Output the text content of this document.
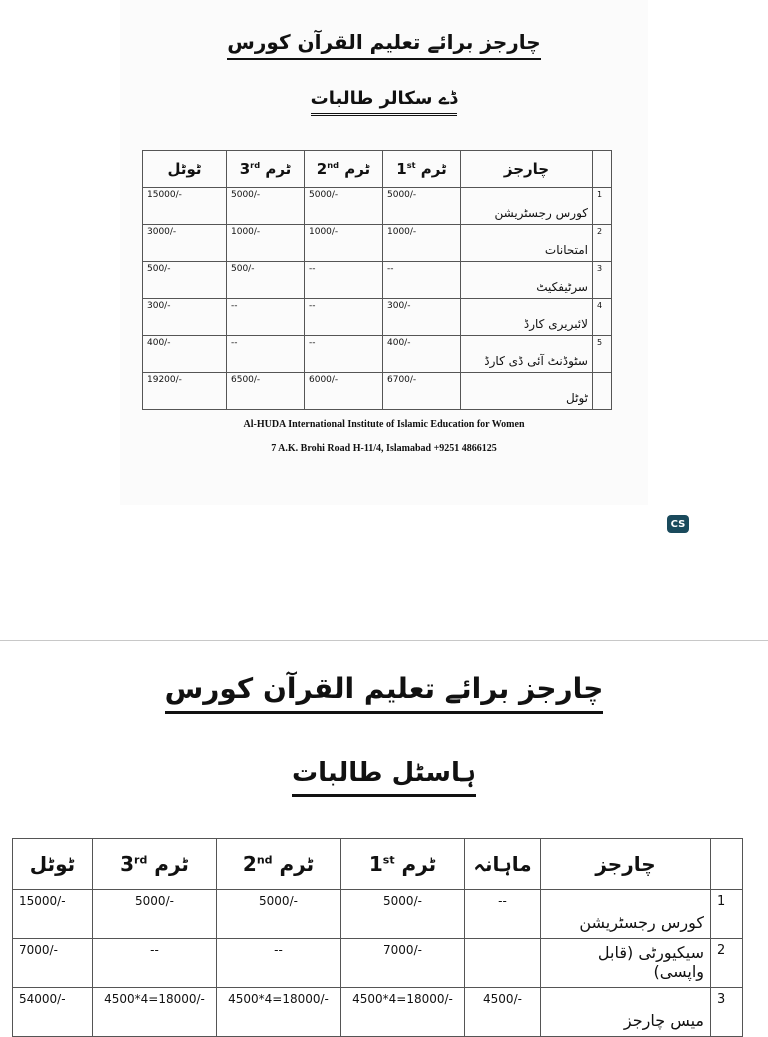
چارجز برائے تعلیم القرآن کورس
ڈے سکالر طالبات
ٹوٹل	3rd ٹرم	2nd ٹرم	1st ٹرم	چارجز	
15000/-	5000/-	5000/-	5000/-	کورس رجسٹریشن	1
3000/-	1000/-	1000/-	1000/-	امتحانات	2
500/-	500/-	--	--	سرٹیفکیٹ	3
300/-	--	--	300/-	لائبریری کارڈ	4
400/-	--	--	400/-	سٹوڈنٹ آئی ڈی کارڈ	5
19200/-	6500/-	6000/-	6700/-	ٹوٹل	
Al-HUDA International Institute of Islamic Education for Women
7 A.K. Brohi Road H-11/4, Islamabad +9251 4866125
CS
چارجز برائے تعلیم القرآن کورس
ہاسٹل طالبات
ٹوٹل	3rd ٹرم	2nd ٹرم	1st ٹرم	ماہانہ	چارجز	
15000/-	5000/-	5000/-	5000/-	--	کورس رجسٹریشن	1
7000/-	--	--	7000/-		سیکیورٹی (قابل واپسی)	2
54000/-	4500*4=18000/-	4500*4=18000/-	4500*4=18000/-	4500/-	میس چارجز	3
